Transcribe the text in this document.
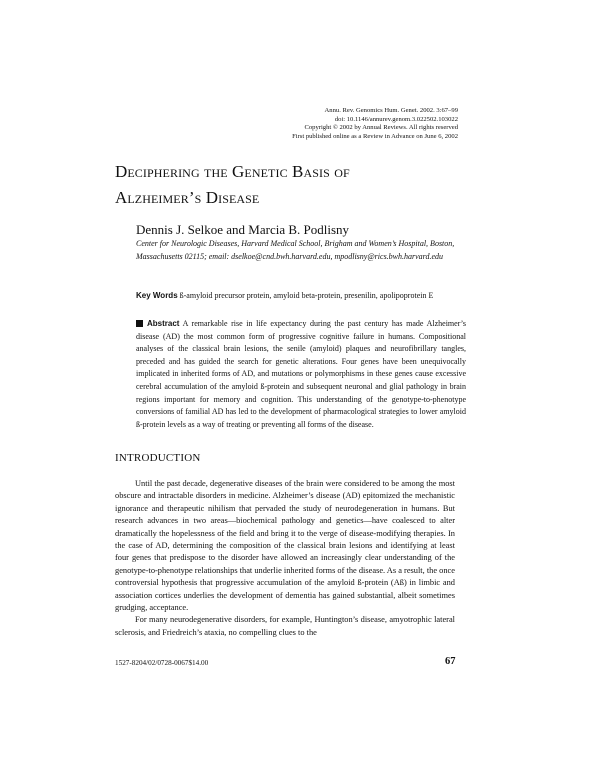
Annu. Rev. Genomics Hum. Genet. 2002. 3:67–99
doi: 10.1146/annurev.genom.3.022502.103022
Copyright © 2002 by Annual Reviews. All rights reserved
First published online as a Review in Advance on June 6, 2002
Deciphering the Genetic Basis of
Alzheimer’s Disease
Dennis J. Selkoe and Marcia B. Podlisny
Center for Neurologic Diseases, Harvard Medical School, Brigham and Women’s Hospital, Boston, Massachusetts 02115; email: dselkoe@cnd.bwh.harvard.edu, mpodlisny@rics.bwh.harvard.edu
Key Words ß-amyloid precursor protein, amyloid beta-protein, presenilin, apolipoprotein E
Abstract A remarkable rise in life expectancy during the past century has made Alzheimer’s disease (AD) the most common form of progressive cognitive failure in humans. Compositional analyses of the classical brain lesions, the senile (amyloid) plaques and neurofibrillary tangles, preceded and has guided the search for genetic alterations. Four genes have been unequivocally implicated in inherited forms of AD, and mutations or polymorphisms in these genes cause excessive cerebral accumulation of the amyloid ß-protein and subsequent neuronal and glial pathology in brain regions important for memory and cognition. This understanding of the genotype-to-phenotype conversions of familial AD has led to the development of pharmacological strategies to lower amyloid ß-protein levels as a way of treating or preventing all forms of the disease.
INTRODUCTION

Until the past decade, degenerative diseases of the brain were considered to be among the most obscure and intractable disorders in medicine. Alzheimer’s disease (AD) epitomized the mechanistic ignorance and therapeutic nihilism that pervaded the study of neurodegeneration in humans. But research advances in two areas—biochemical pathology and genetics—have coalesced to alter dramatically the hopelessness of the field and bring it to the verge of disease-modifying therapies. In the case of AD, determining the composition of the classical brain lesions and identifying at least four genes that predispose to the disorder have allowed an increasingly clear understanding of the genotype-to-phenotype relationships that underlie inherited forms of the disease. As a result, the once controversial hypothesis that progressive accumulation of the amyloid ß-protein (Aß) in limbic and association cortices underlies the development of dementia has gained substantial, albeit sometimes grudging, acceptance.

For many neurodegenerative disorders, for example, Huntington’s disease, amyotrophic lateral sclerosis, and Friedreich’s ataxia, no compelling clues to the

1527-8204/02/0728-0067$14.00	67
